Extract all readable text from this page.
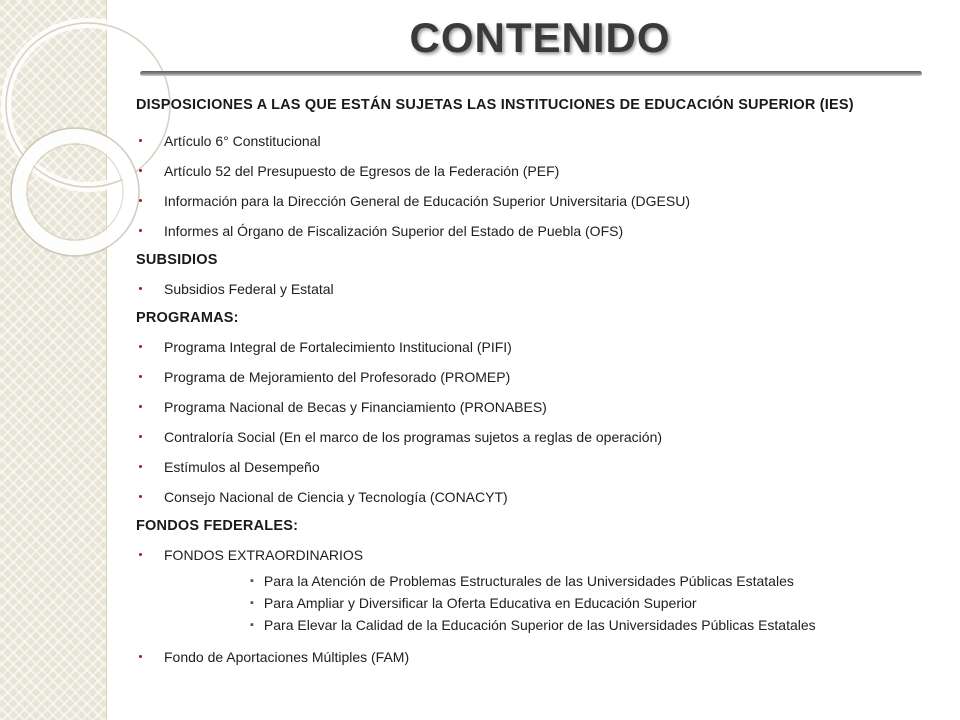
CONTENIDO

DISPOSICIONES A LAS QUE ESTÁN SUJETAS LAS INSTITUCIONES DE EDUCACIÓN SUPERIOR (IES)

Artículo 6° Constitucional
Artículo 52 del Presupuesto de Egresos de la Federación (PEF)
Información para la Dirección General de Educación Superior Universitaria (DGESU)
Informes al Órgano de Fiscalización Superior del Estado de Puebla (OFS)

SUBSIDIOS

Subsidios Federal y Estatal

PROGRAMAS:

Programa Integral de Fortalecimiento Institucional (PIFI)
Programa de Mejoramiento del Profesorado (PROMEP)
Programa Nacional de Becas y Financiamiento (PRONABES)
Contraloría Social (En el marco de los programas sujetos a reglas de operación)
Estímulos al Desempeño
Consejo Nacional de Ciencia y Tecnología (CONACYT)

FONDOS FEDERALES:

FONDOS EXTRAORDINARIOS
▪ Para la Atención de Problemas Estructurales de las Universidades Públicas Estatales
▪ Para Ampliar y Diversificar la Oferta Educativa en Educación Superior
▪ Para Elevar la Calidad de la Educación Superior de las Universidades Públicas Estatales
Fondo de Aportaciones Múltiples (FAM)
